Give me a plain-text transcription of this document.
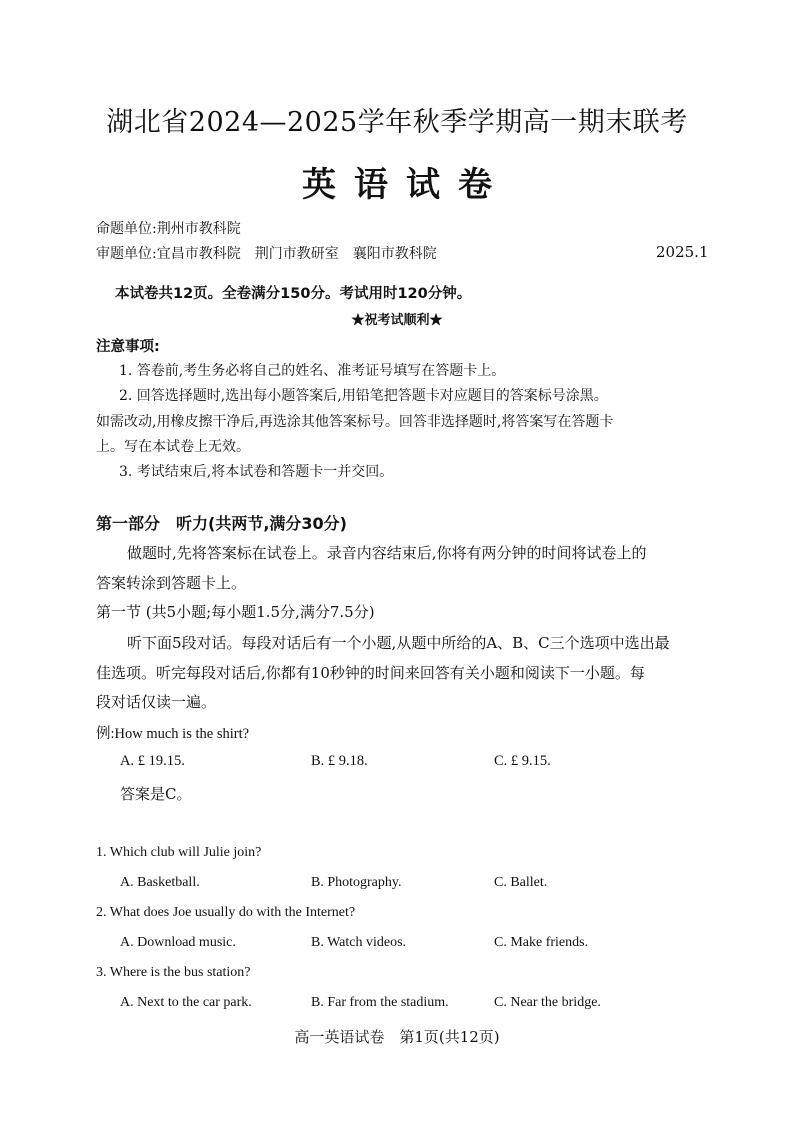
湖北省2024—2025学年秋季学期高一期末联考
英语试卷
命题单位:荆州市教科院
审题单位:宜昌市教科院　荆门市教研室　襄阳市教科院	2025.1
本试卷共12页。全卷满分150分。考试用时120分钟。
★祝考试顺利★
注意事项:
1. 答卷前,考生务必将自己的姓名、准考证号填写在答题卡上。
2. 回答选择题时,选出每小题答案后,用铅笔把答题卡对应题目的答案标号涂黑。
如需改动,用橡皮擦干净后,再选涂其他答案标号。回答非选择题时,将答案写在答题卡
上。写在本试卷上无效。
3. 考试结束后,将本试卷和答题卡一并交回。
第一部分　听力(共两节,满分30分)
做题时,先将答案标在试卷上。录音内容结束后,你将有两分钟的时间将试卷上的
答案转涂到答题卡上。
第一节 (共5小题;每小题1.5分,满分7.5分)
听下面5段对话。每段对话后有一个小题,从题中所给的A、B、C三个选项中选出最
佳选项。听完每段对话后,你都有10秒钟的时间来回答有关小题和阅读下一小题。每
段对话仅读一遍。
例:How much is the shirt?
A. £ 19.15.	B. £ 9.18.	C. £ 9.15.
答案是C。
1. Which club will Julie join?
A. Basketball.	B. Photography.	C. Ballet.
2. What does Joe usually do with the Internet?
A. Download music.	B. Watch videos.	C. Make friends.
3. Where is the bus station?
A. Next to the car park.	B. Far from the stadium.	C. Near the bridge.
高一英语试卷　第1页(共12页)
